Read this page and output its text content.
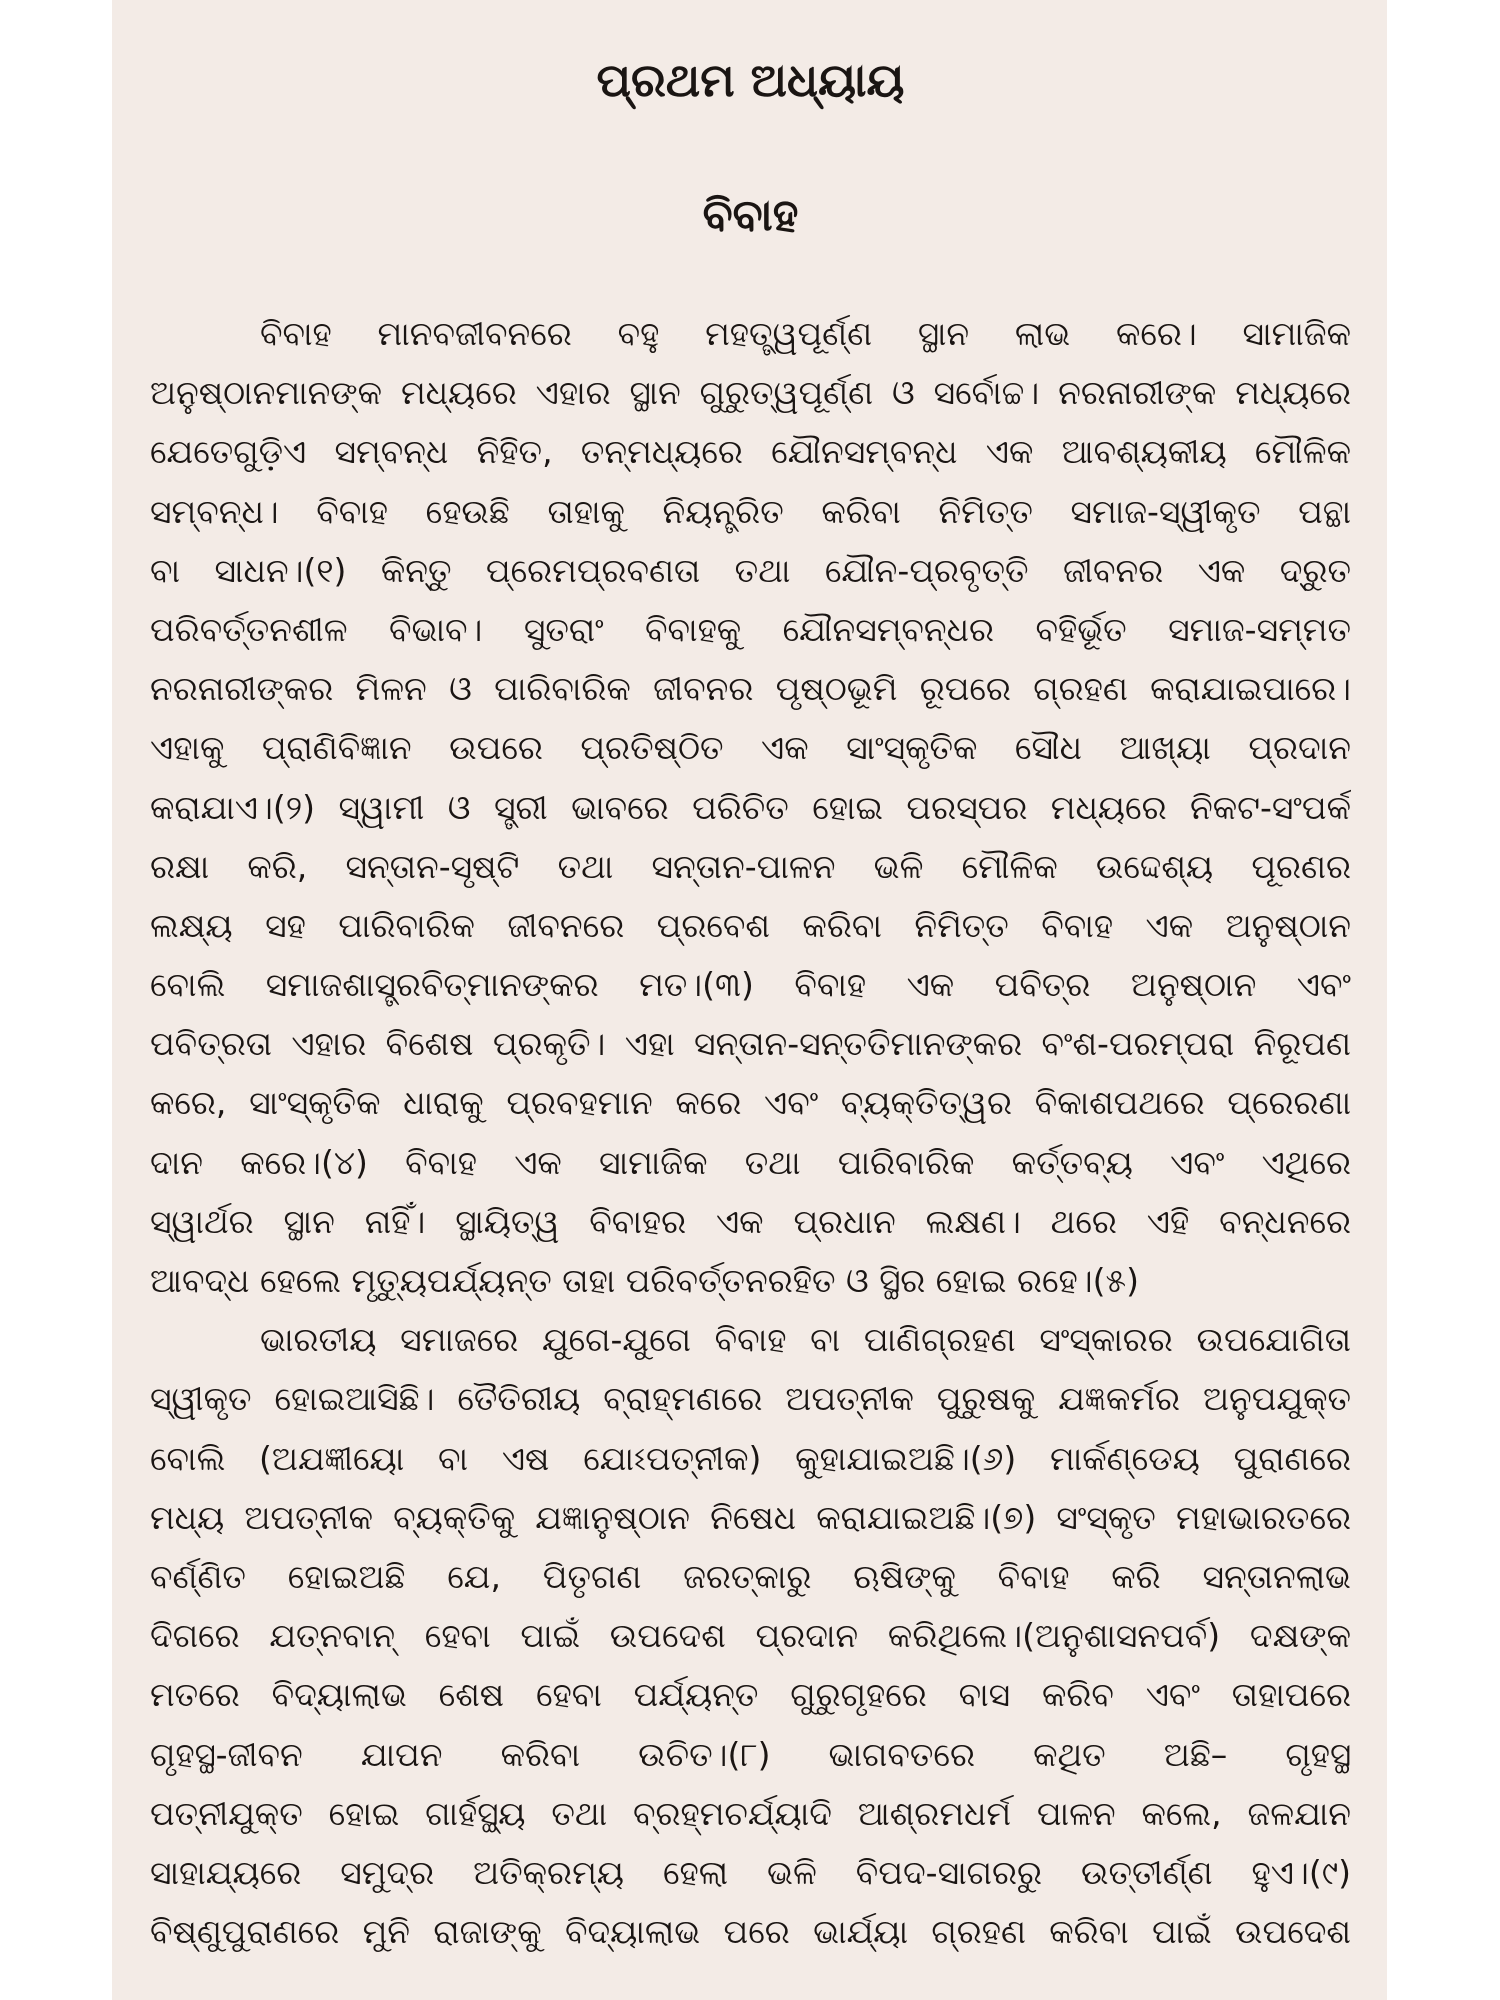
ପ୍ରଥମ ଅଧ୍ୟାୟ
ବିବାହ
ବିବାହ ମାନବଜୀବନରେ ବହୁ ମହତ୍ତ୍ୱପୂର୍ଣ୍ଣ ସ୍ଥାନ ଲାଭ କରେ। ସାମାଜିକ
ଅନୁଷ୍ଠାନମାନଙ୍କ ମଧ୍ୟରେ ଏହାର ସ୍ଥାନ ଗୁରୁତ୍ୱପୂର୍ଣ୍ଣ ଓ ସର୍ବୋଚ୍ଚ। ନରନାରୀଙ୍କ ମଧ୍ୟରେ
ଯେତେଗୁଡ଼ିଏ ସମ୍ବନ୍ଧ ନିହିତ, ତନ୍ମଧ୍ୟରେ ଯୌନସମ୍ବନ୍ଧ ଏକ ଆବଶ୍ୟକୀୟ ମୌଳିକ
ସମ୍ବନ୍ଧ। ବିବାହ ହେଉଛି ତାହାକୁ ନିୟନ୍ତ୍ରିତ କରିବା ନିମିତ୍ତ ସମାଜ-ସ୍ୱୀକୃତ ପନ୍ଥା
ବା ସାଧନ।(୧) କିନ୍ତୁ ପ୍ରେମପ୍ରବଣତା ତଥା ଯୌନ-ପ୍ରବୃତ୍ତି ଜୀବନର ଏକ ଦ୍ରୁତ
ପରିବର୍ତ୍ତନଶୀଳ ବିଭାବ। ସୁତରାଂ ବିବାହକୁ ଯୌନସମ୍ବନ୍ଧର ବହିର୍ଭୂତ ସମାଜ-ସମ୍ମତ
ନରନାରୀଙ୍କର ମିଳନ ଓ ପାରିବାରିକ ଜୀବନର ପୃଷ୍ଠଭୂମି ରୂପରେ ଗ୍ରହଣ କରାଯାଇପାରେ।
ଏହାକୁ ପ୍ରାଣିବିଜ୍ଞାନ ଉପରେ ପ୍ରତିଷ୍ଠିତ ଏକ ସାଂସ୍କୃତିକ ସୌଧ ଆଖ୍ୟା ପ୍ରଦାନ
କରାଯାଏ।(୨) ସ୍ୱାମୀ ଓ ସ୍ତ୍ରୀ ଭାବରେ ପରିଚିତ ହୋଇ ପରସ୍ପର ମଧ୍ୟରେ ନିକଟ-ସଂପର୍କ
ରକ୍ଷା କରି, ସନ୍ତାନ-ସୃଷ୍ଟି ତଥା ସନ୍ତାନ-ପାଳନ ଭଳି ମୌଳିକ ଉଦ୍ଦେଶ୍ୟ ପୂରଣର
ଲକ୍ଷ୍ୟ ସହ ପାରିବାରିକ ଜୀବନରେ ପ୍ରବେଶ କରିବା ନିମିତ୍ତ ବିବାହ ଏକ ଅନୁଷ୍ଠାନ
ବୋଲି ସମାଜଶାସ୍ତ୍ରବିତ୍‌ମାନଙ୍କର ମତ।(୩) ବିବାହ ଏକ ପବିତ୍ର ଅନୁଷ୍ଠାନ ଏବଂ
ପବିତ୍ରତା ଏହାର ବିଶେଷ ପ୍ରକୃତି। ଏହା ସନ୍ତାନ-ସନ୍ତତିମାନଙ୍କର ବଂଶ-ପରମ୍ପରା ନିରୂପଣ
କରେ, ସାଂସ୍କୃତିକ ଧାରାକୁ ପ୍ରବହମାନ କରେ ଏବଂ ବ୍ୟକ୍ତିତ୍ୱର ବିକାଶପଥରେ ପ୍ରେରଣା
ଦାନ କରେ।(୪) ବିବାହ ଏକ ସାମାଜିକ ତଥା ପାରିବାରିକ କର୍ତ୍ତବ୍ୟ ଏବଂ ଏଥିରେ
ସ୍ୱାର୍ଥର ସ୍ଥାନ ନାହିଁ। ସ୍ଥାୟିତ୍ୱ ବିବାହର ଏକ ପ୍ରଧାନ ଲକ୍ଷଣ। ଥରେ ଏହି ବନ୍ଧନରେ
ଆବଦ୍ଧ ହେଲେ ମୃତ୍ୟୁପର୍ଯ୍ୟନ୍ତ ତାହା ପରିବର୍ତ୍ତନରହିତ ଓ ସ୍ଥିର ହୋଇ ରହେ।(୫)
ଭାରତୀୟ ସମାଜରେ ଯୁଗେ-ଯୁଗେ ବିବାହ ବା ପାଣିଗ୍ରହଣ ସଂସ୍କାରର ଉପଯୋଗିତା
ସ୍ୱୀକୃତ ହୋଇଆସିଛି। ତୈତିରୀୟ ବ୍ରାହ୍ମଣରେ ଅପତ୍ନୀକ ପୁରୁଷକୁ ଯଜ୍ଞକର୍ମର ଅନୁପଯୁକ୍ତ
ବୋଲି (ଅଯଜ୍ଞୀୟୋ ବା ଏଷ ଯୋଽପତ୍ନୀକ) କୁହାଯାଇଅଛି।(୬) ମାର୍କଣ୍ଡେୟ ପୁରାଣରେ
ମଧ୍ୟ ଅପତ୍ନୀକ ବ୍ୟକ୍ତିକୁ ଯଜ୍ଞାନୁଷ୍ଠାନ ନିଷେଧ କରାଯାଇଅଛି।(୭) ସଂସ୍କୃତ ମହାଭାରତରେ
ବର୍ଣ୍ଣିତ ହୋଇଅଛି ଯେ, ପିତୃଗଣ ଜରତ୍କାରୁ ଋଷିଙ୍କୁ ବିବାହ କରି ସନ୍ତାନଲାଭ
ଦିଗରେ ଯତ୍ନବାନ୍ ହେବା ପାଇଁ ଉପଦେଶ ପ୍ରଦାନ କରିଥିଲେ।(ଅନୁଶାସନପର୍ବ) ଦକ୍ଷଙ୍କ
ମତରେ ବିଦ୍ୟାଲାଭ ଶେଷ ହେବା ପର୍ଯ୍ୟନ୍ତ ଗୁରୁଗୃହରେ ବାସ କରିବ ଏବଂ ତାହାପରେ
ଗୃହସ୍ଥ-ଜୀବନ ଯାପନ କରିବା ଉଚିତ।(୮) ଭାଗବତରେ କଥିତ ଅଛି– ଗୃହସ୍ଥ
ପତ୍ନୀଯୁକ୍ତ ହୋଇ ଗାର୍ହସ୍ଥ୍ୟ ତଥା ବ୍ରହ୍ମଚର୍ଯ୍ୟାଦି ଆଶ୍ରମଧର୍ମ ପାଳନ କଲେ, ଜଳଯାନ
ସାହାଯ୍ୟରେ ସମୁଦ୍ର ଅତିକ୍ରମ୍ୟ ହେଲା ଭଳି ବିପଦ-ସାଗରରୁ ଉତ୍ତୀର୍ଣ୍ଣ ହୁଏ।(୯)
ବିଷ୍ଣୁପୁରାଣରେ ମୁନି ରାଜାଙ୍କୁ ବିଦ୍ୟାଲାଭ ପରେ ଭାର୍ଯ୍ୟା ଗ୍ରହଣ କରିବା ପାଇଁ ଉପଦେଶ
